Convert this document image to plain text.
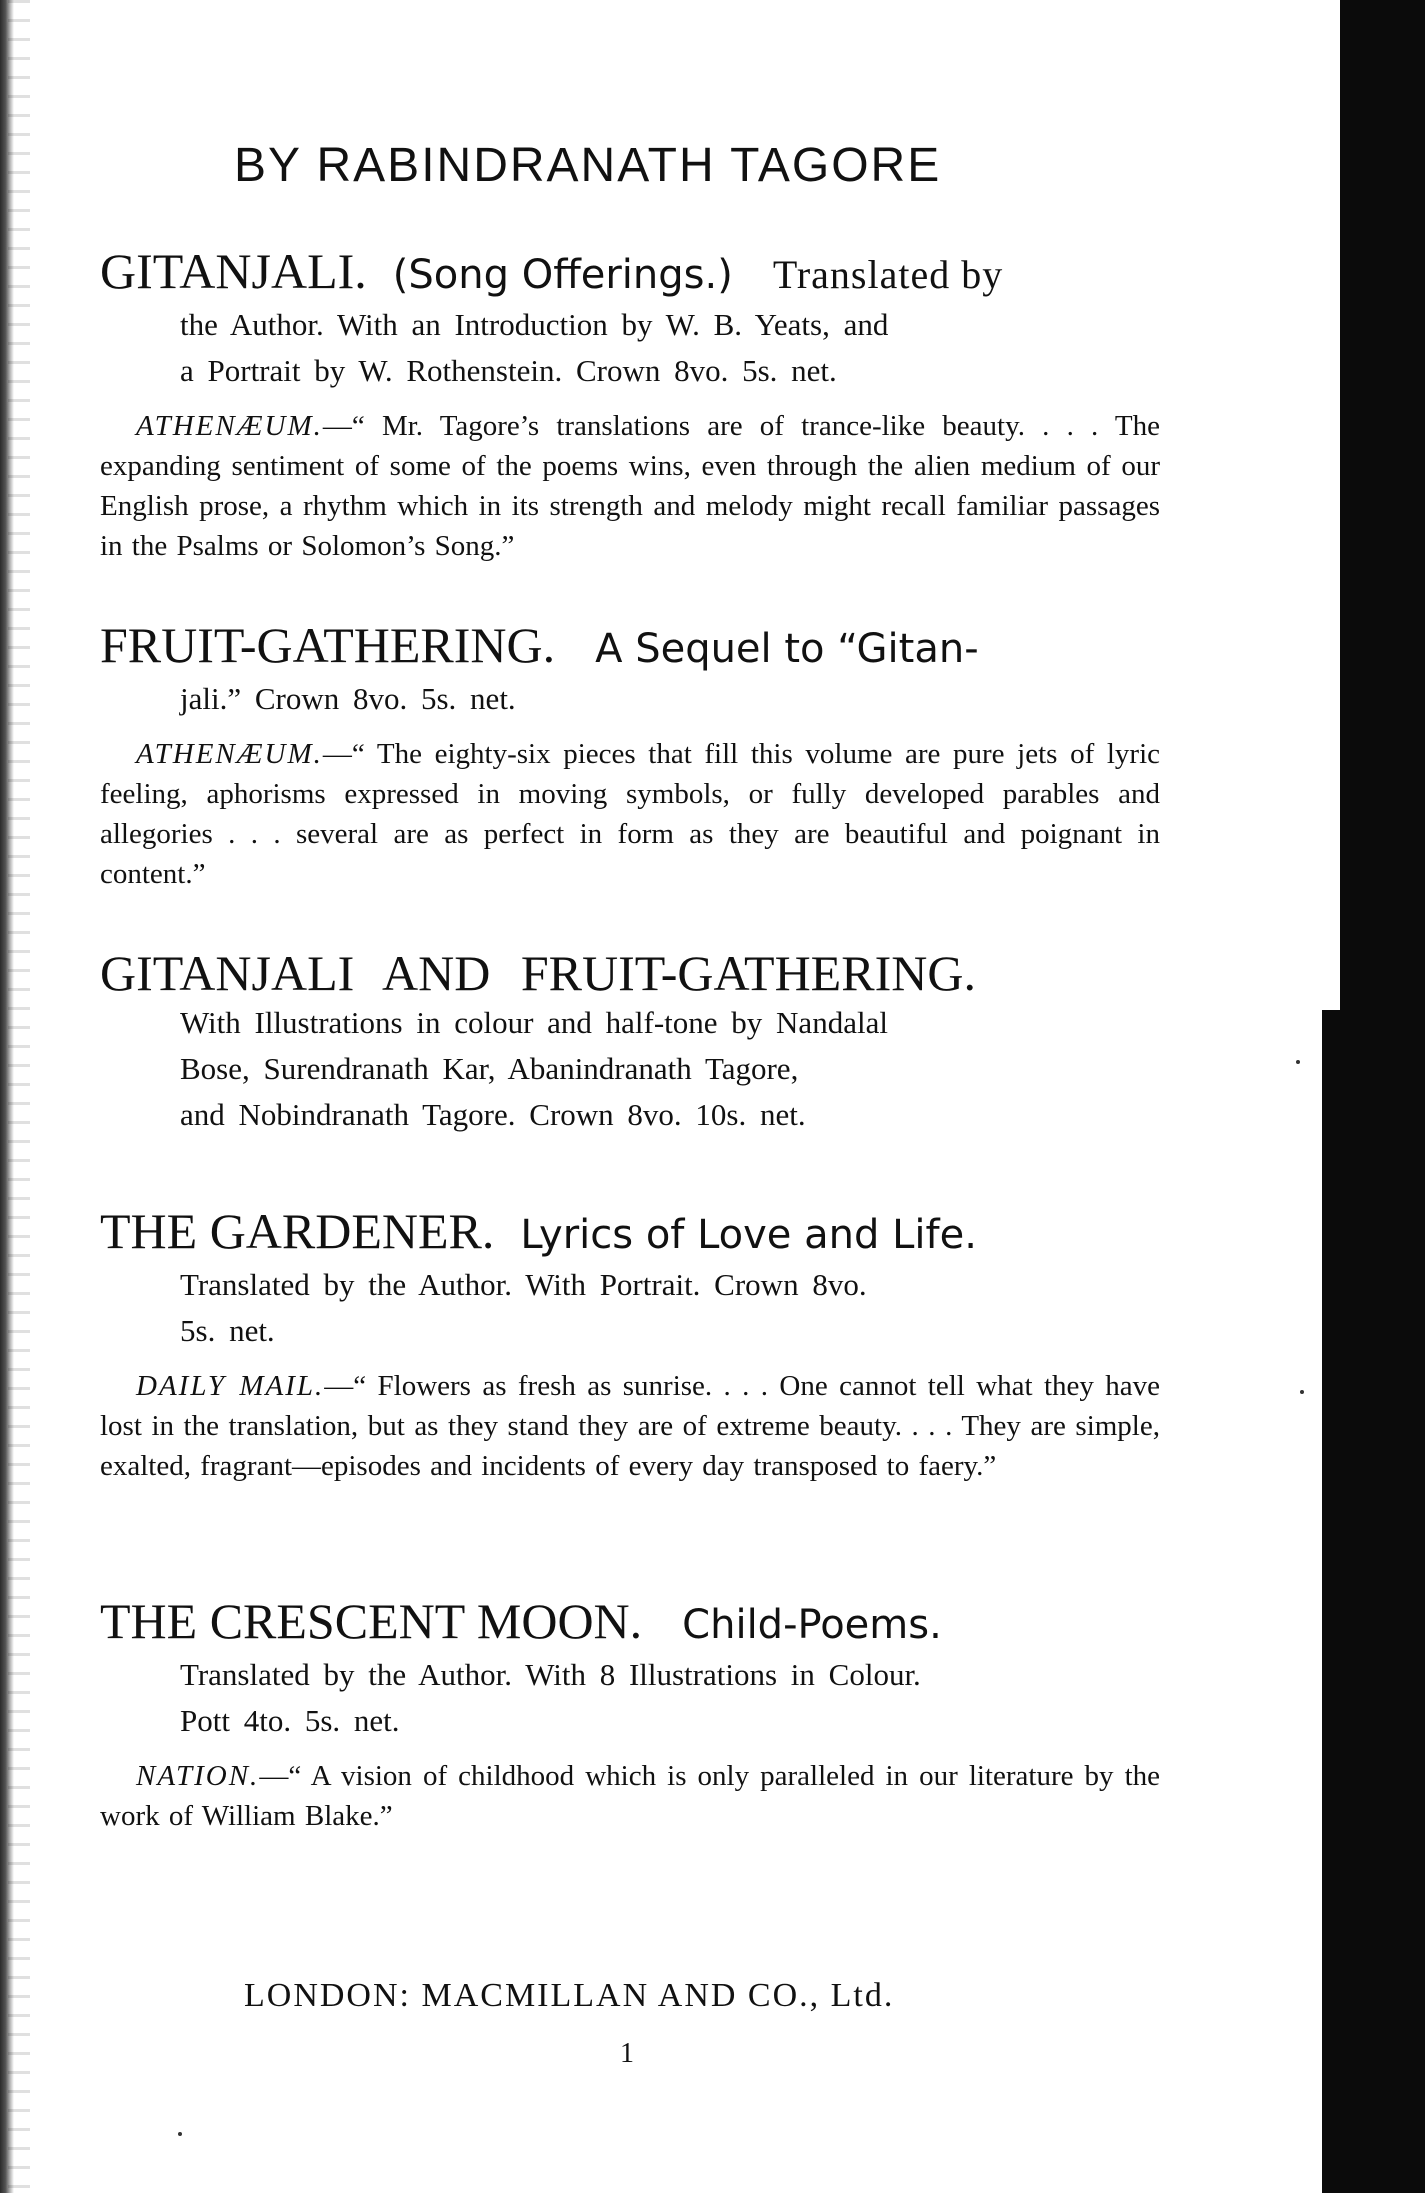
BY RABINDRANATH TAGORE

GITANJALI. (Song Offerings.) Translated by

the Author. With an Introduction by W. B. Yeats, and

a Portrait by W. Rothenstein. Crown 8vo. 5s. net.

ATHENÆUM.—“ Mr. Tagore’s translations are of trance-like beauty. . . . The expanding sentiment of some of the poems wins, even through the alien medium of our English prose, a rhythm which in its strength and melody might recall familiar passages in the Psalms or Solomon’s Song.”

FRUIT-GATHERING. A Sequel to “Gitan-

jali.” Crown 8vo. 5s. net.

ATHENÆUM.—“ The eighty-six pieces that fill this volume are pure jets of lyric feeling, aphorisms expressed in moving symbols, or fully developed parables and allegories . . . several are as perfect in form as they are beautiful and poignant in content.”

GITANJALI AND FRUIT-GATHERING.

With Illustrations in colour and half-tone by Nandalal

Bose, Surendranath Kar, Abanindranath Tagore,

and Nobindranath Tagore. Crown 8vo. 10s. net.

THE GARDENER. Lyrics of Love and Life.

Translated by the Author. With Portrait. Crown 8vo.

5s. net.

DAILY MAIL.—“ Flowers as fresh as sunrise. . . . One cannot tell what they have lost in the translation, but as they stand they are of extreme beauty. . . . They are simple, exalted, fragrant—episodes and incidents of every day transposed to faery.”

THE CRESCENT MOON. Child-Poems.

Translated by the Author. With 8 Illustrations in Colour.

Pott 4to. 5s. net.

NATION.—“ A vision of childhood which is only paralleled in our literature by the work of William Blake.”

LONDON: MACMILLAN AND CO., Ltd.

1
